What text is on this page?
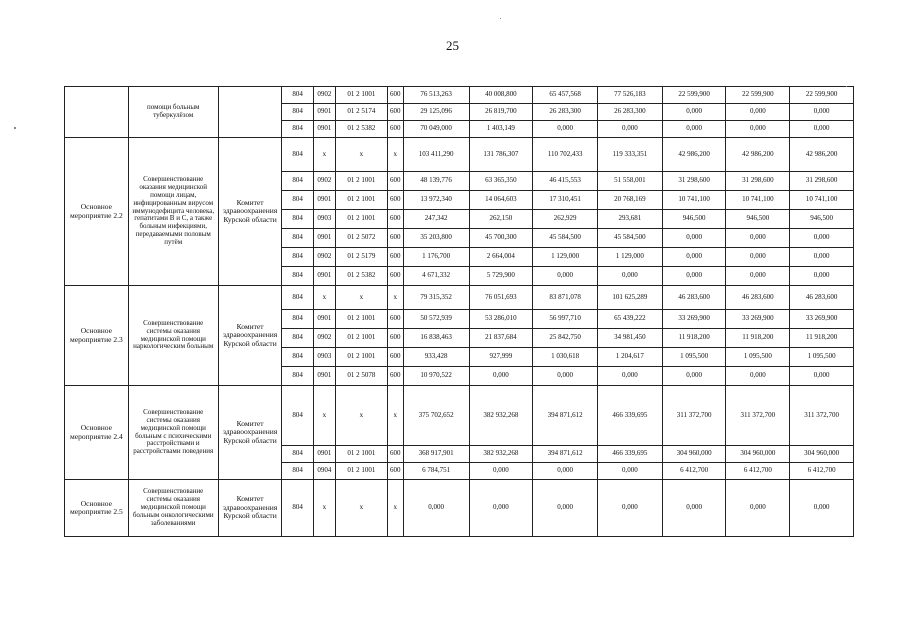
25
	помощи больным туберкулёзом		804	0902	01 2 1001	600	76 513,263	40 008,800	65 457,568	77 526,183	22 599,900	22 599,900	22 599,900
			804	0901	01 2 5174	600	29 125,096	26 819,700	26 283,300	26 283,300	0,000	0,000	0,000
			804	0901	01 2 5382	600	70 049,000	1 403,149	0,000	0,000	0,000	0,000	0,000
Основное мероприятие 2.2	Совершенствование оказания медицинской помощи лицам, инфицированным вирусом иммунодефицита человека, гепатитами В и С, а также больным инфекциями, передаваемыми половым путём	Комитет здравоохранения Курской области	804	x	x	x	103 411,290	131 786,307	110 702,433	119 333,351	42 986,200	42 986,200	42 986,200
			804	0902	01 2 1001	600	48 139,776	63 365,350	46 415,553	51 558,001	31 298,600	31 298,600	31 298,600
			804	0901	01 2 1001	600	13 972,340	14 064,603	17 310,451	20 768,169	10 741,100	10 741,100	10 741,100
			804	0903	01 2 1001	600	247,342	262,150	262,929	293,681	946,500	946,500	946,500
			804	0901	01 2 5072	600	35 203,800	45 700,300	45 584,500	45 584,500	0,000	0,000	0,000
			804	0902	01 2 5179	600	1 176,700	2 664,004	1 129,000	1 129,000	0,000	0,000	0,000
			804	0901	01 2 5382	600	4 671,332	5 729,900	0,000	0,000	0,000	0,000	0,000
Основное мероприятие 2.3	Совершенствование системы оказания медицинской помощи наркологическим больным	Комитет здравоохранения Курской области	804	x	x	x	79 315,352	76 051,693	83 871,078	101 625,289	46 283,600	46 283,600	46 283,600
			804	0901	01 2 1001	600	50 572,939	53 286,010	56 997,710	65 439,222	33 269,900	33 269,900	33 269,900
			804	0902	01 2 1001	600	16 838,463	21 837,684	25 842,750	34 981,450	11 918,200	11 918,200	11 918,200
			804	0903	01 2 1001	600	933,428	927,999	1 030,618	1 204,617	1 095,500	1 095,500	1 095,500
			804	0901	01 2 5078	600	10 970,522	0,000	0,000	0,000	0,000	0,000	0,000
Основное мероприятие 2.4	Совершенствование системы оказания медицинской помощи больным с психическими расстройствами и расстройствами поведения	Комитет здравоохранения Курской области	804	x	x	x	375 702,652	382 932,268	394 871,612	466 339,695	311 372,700	311 372,700	311 372,700
			804	0901	01 2 1001	600	368 917,901	382 932,268	394 871,612	466 339,695	304 960,000	304 960,000	304 960,000
			804	0904	01 2 1001	600	6 784,751	0,000	0,000	0,000	6 412,700	6 412,700	6 412,700
Основное мероприятие 2.5	Совершенствование системы оказания медицинской помощи больным онкологическими заболеваниями	Комитет здравоохранения Курской области	804	x	x	x	0,000	0,000	0,000	0,000	0,000	0,000	0,000
